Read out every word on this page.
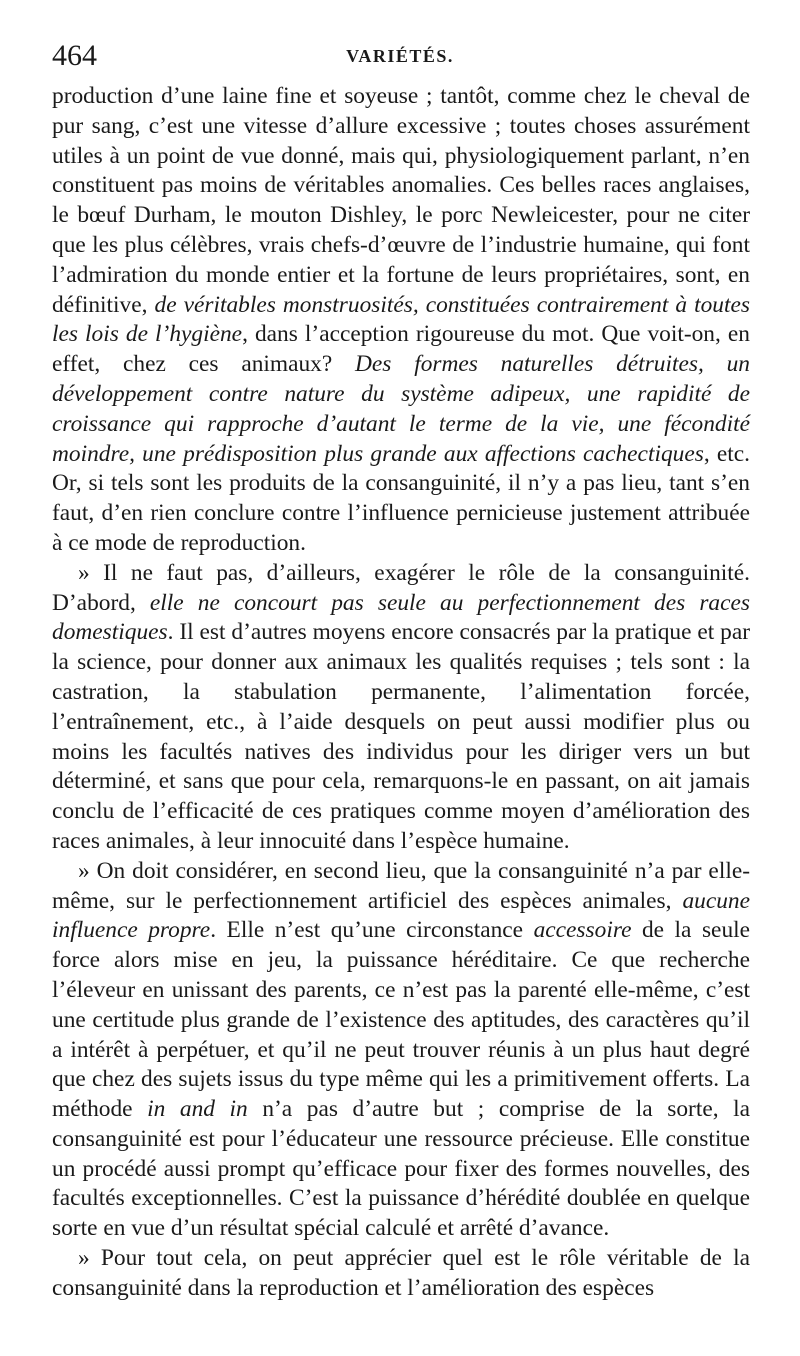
464	VARIÉTÉS.

production d’une laine fine et soyeuse ; tantôt, comme chez le cheval de pur sang, c’est une vitesse d’allure excessive ; toutes choses assurément utiles à un point de vue donné, mais qui, physiologiquement parlant, n’en constituent pas moins de véritables anomalies. Ces belles races anglaises, le bœuf Durham, le mouton Dishley, le porc Newleicester, pour ne citer que les plus célèbres, vrais chefs-d’œuvre de l’industrie humaine, qui font l’admiration du monde entier et la fortune de leurs propriétaires, sont, en définitive, de véritables monstruosités, constituées contrairement à toutes les lois de l’hygiène, dans l’acception rigoureuse du mot. Que voit-on, en effet, chez ces animaux? Des formes naturelles détruites, un développement contre nature du système adipeux, une rapidité de croissance qui rapproche d’autant le terme de la vie, une fécondité moindre, une prédisposition plus grande aux affections cachectiques, etc. Or, si tels sont les produits de la consanguinité, il n’y a pas lieu, tant s’en faut, d’en rien conclure contre l’influence pernicieuse justement attribuée à ce mode de reproduction.

» Il ne faut pas, d’ailleurs, exagérer le rôle de la consanguinité. D’abord, elle ne concourt pas seule au perfectionnement des races domestiques. Il est d’autres moyens encore consacrés par la pratique et par la science, pour donner aux animaux les qualités requises ; tels sont : la castration, la stabulation permanente, l’alimentation forcée, l’entraînement, etc., à l’aide desquels on peut aussi modifier plus ou moins les facultés natives des individus pour les diriger vers un but déterminé, et sans que pour cela, remarquons-le en passant, on ait jamais conclu de l’efficacité de ces pratiques comme moyen d’amélioration des races animales, à leur innocuité dans l’espèce humaine.

» On doit considérer, en second lieu, que la consanguinité n’a par elle-même, sur le perfectionnement artificiel des espèces animales, aucune influence propre. Elle n’est qu’une circonstance accessoire de la seule force alors mise en jeu, la puissance héréditaire. Ce que recherche l’éleveur en unissant des parents, ce n’est pas la parenté elle-même, c’est une certitude plus grande de l’existence des aptitudes, des caractères qu’il a intérêt à perpétuer, et qu’il ne peut trouver réunis à un plus haut degré que chez des sujets issus du type même qui les a primitivement offerts. La méthode in and in n’a pas d’autre but ; comprise de la sorte, la consanguinité est pour l’éducateur une ressource précieuse. Elle constitue un procédé aussi prompt qu’efficace pour fixer des formes nouvelles, des facultés exceptionnelles. C’est la puissance d’hérédité doublée en quelque sorte en vue d’un résultat spécial calculé et arrêté d’avance.

» Pour tout cela, on peut apprécier quel est le rôle véritable de la consanguinité dans la reproduction et l’amélioration des espèces
